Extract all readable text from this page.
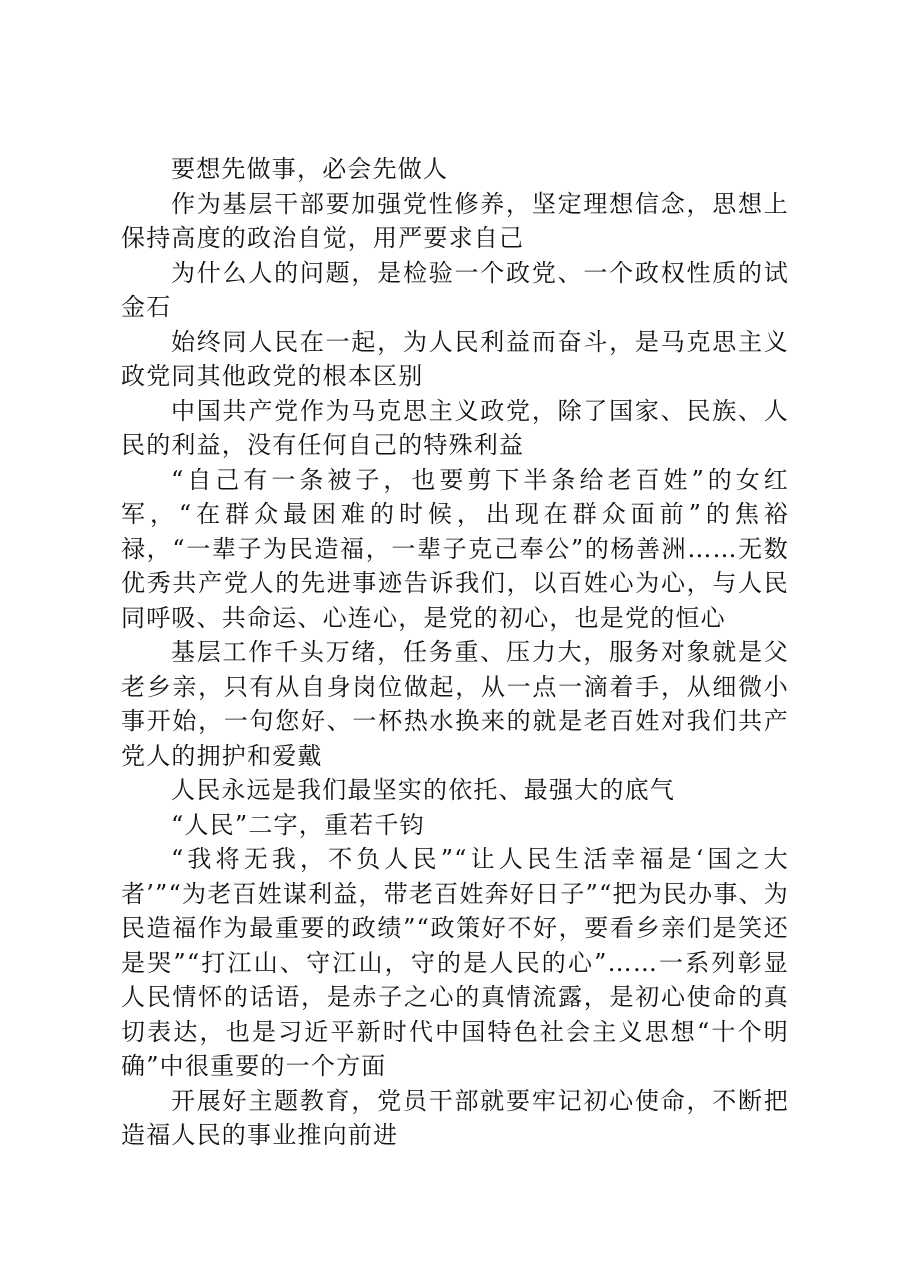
要想先做事，必会先做人

作为基层干部要加强党性修养，坚定理想信念，思想上保持高度的政治自觉，用严要求自己

为什么人的问题，是检验一个政党、一个政权性质的试金石

始终同人民在一起，为人民利益而奋斗，是马克思主义政党同其他政党的根本区别

中国共产党作为马克思主义政党，除了国家、民族、人民的利益，没有任何自己的特殊利益

“自己有一条被子，也要剪下半条给老百姓”的女红军，“在群众最困难的时候，出现在群众面前”的焦裕禄，“一辈子为民造福，一辈子克己奉公”的杨善洲……无数优秀共产党人的先进事迹告诉我们，以百姓心为心，与人民同呼吸、共命运、心连心，是党的初心，也是党的恒心

基层工作千头万绪，任务重、压力大，服务对象就是父老乡亲，只有从自身岗位做起，从一点一滴着手，从细微小事开始，一句您好、一杯热水换来的就是老百姓对我们共产党人的拥护和爱戴

人民永远是我们最坚实的依托、最强大的底气

“人民”二字，重若千钧

“我将无我，不负人民”“让人民生活幸福是‘国之大者’”“为老百姓谋利益，带老百姓奔好日子”“把为民办事、为民造福作为最重要的政绩”“政策好不好，要看乡亲们是笑还是哭”“打江山、守江山，守的是人民的心”……一系列彰显人民情怀的话语，是赤子之心的真情流露，是初心使命的真切表达，也是习近平新时代中国特色社会主义思想“十个明确”中很重要的一个方面

开展好主题教育，党员干部就要牢记初心使命，不断把造福人民的事业推向前进
